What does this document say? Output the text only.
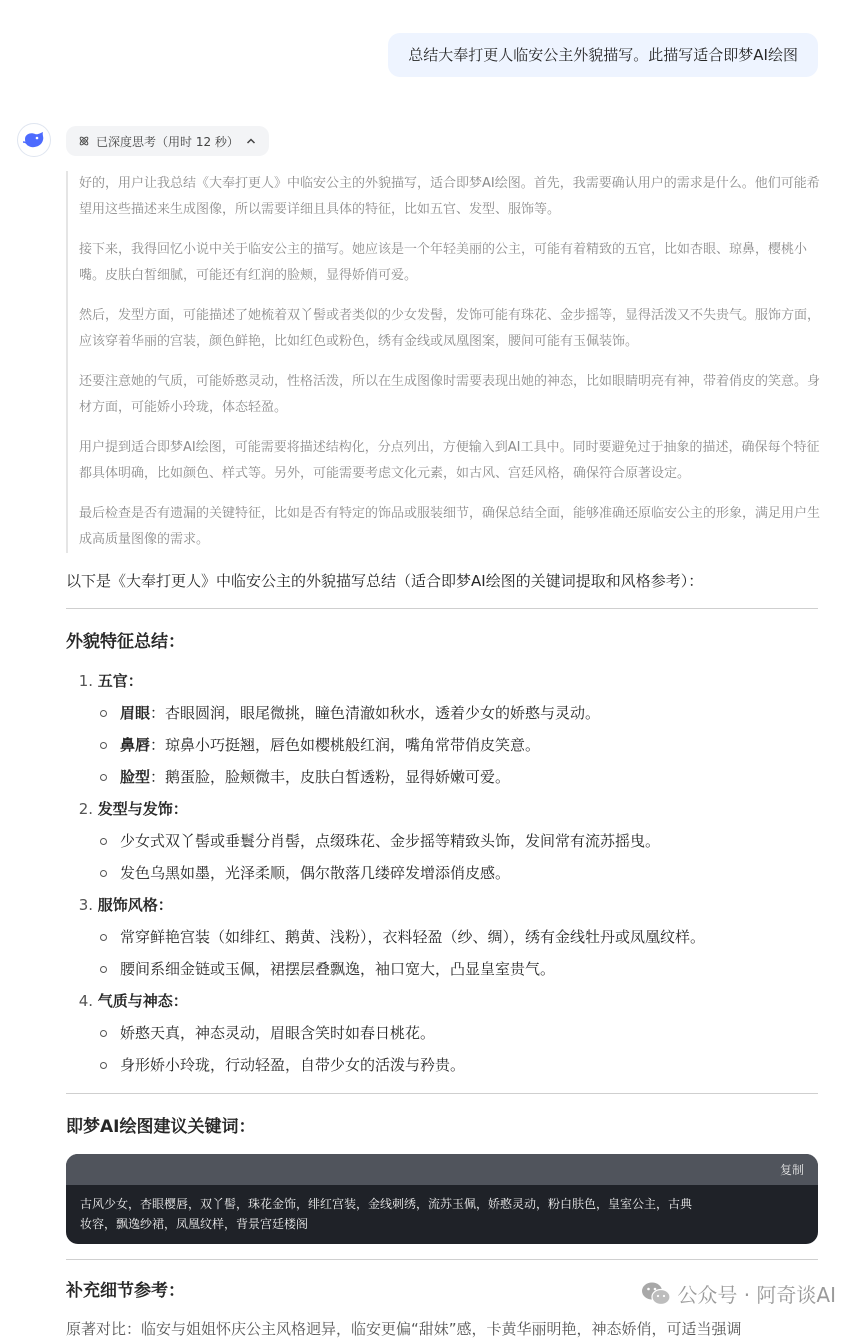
总结大奉打更人临安公主外貌描写。此描写适合即梦AI绘图
已深度思考（用时 12 秒）

好的，用户让我总结《大奉打更人》中临安公主的外貌描写，适合即梦AI绘图。首先，我需要确认用户的需求是什么。他们可能希望用这些描述来生成图像，所以需要详细且具体的特征，比如五官、发型、服饰等。

接下来，我得回忆小说中关于临安公主的描写。她应该是一个年轻美丽的公主，可能有着精致的五官，比如杏眼、琼鼻，樱桃小嘴。皮肤白皙细腻，可能还有红润的脸颊，显得娇俏可爱。

然后，发型方面，可能描述了她梳着双丫髻或者类似的少女发髻，发饰可能有珠花、金步摇等，显得活泼又不失贵气。服饰方面，应该穿着华丽的宫装，颜色鲜艳，比如红色或粉色，绣有金线或凤凰图案，腰间可能有玉佩装饰。

还要注意她的气质，可能娇憨灵动，性格活泼，所以在生成图像时需要表现出她的神态，比如眼睛明亮有神，带着俏皮的笑意。身材方面，可能娇小玲珑，体态轻盈。

用户提到适合即梦AI绘图，可能需要将描述结构化，分点列出，方便输入到AI工具中。同时要避免过于抽象的描述，确保每个特征都具体明确，比如颜色、样式等。另外，可能需要考虑文化元素，如古风、宫廷风格，确保符合原著设定。

最后检查是否有遗漏的关键特征，比如是否有特定的饰品或服装细节，确保总结全面，能够准确还原临安公主的形象，满足用户生成高质量图像的需求。

以下是《大奉打更人》中临安公主的外貌描写总结（适合即梦AI绘图的关键词提取和风格参考）：

外貌特征总结：
1. 五官：
眉眼：杏眼圆润，眼尾微挑，瞳色清澈如秋水，透着少女的娇憨与灵动。
鼻唇：琼鼻小巧挺翘，唇色如樱桃般红润，嘴角常带俏皮笑意。
脸型：鹅蛋脸，脸颊微丰，皮肤白皙透粉，显得娇嫩可爱。
2. 发型与发饰：
少女式双丫髻或垂鬟分肖髻，点缀珠花、金步摇等精致头饰，发间常有流苏摇曳。
发色乌黑如墨，光泽柔顺，偶尔散落几缕碎发增添俏皮感。
3. 服饰风格：
常穿鲜艳宫装（如绯红、鹅黄、浅粉），衣料轻盈（纱、绸），绣有金线牡丹或凤凰纹样。
腰间系细金链或玉佩，裙摆层叠飘逸，袖口宽大，凸显皇室贵气。
4. 气质与神态：
娇憨天真，神态灵动，眉眼含笑时如春日桃花。
身形娇小玲珑，行动轻盈，自带少女的活泼与矜贵。
即梦AI绘图建议关键词：
复制
古风少女，杏眼樱唇，双丫髻，珠花金饰，绯红宫装，金线刺绣，流苏玉佩，娇憨灵动，粉白肤色，皇室公主，古典
妆容，飘逸纱裙，凤凰纹样，背景宫廷楼阁
补充细节参考：
原著对比：临安与姐姐怀庆公主风格迥异，临安更偏“甜妹”感，卡黄华丽明艳，神态娇俏，可适当强调
公众号 · 阿奇谈AI
